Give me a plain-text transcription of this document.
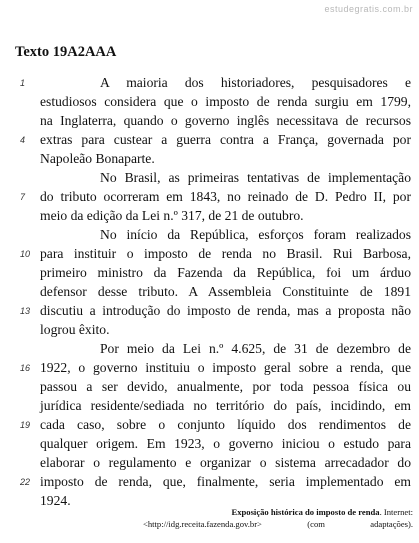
estudegratis.com.br
Texto 19A2AAA
1	A maioria dos historiadores, pesquisadores e
estudiosos considera que o imposto de renda surgiu em 1799,
na Inglaterra, quando o governo inglês necessitava de recursos
4 extras para custear a guerra contra a França, governada por
Napoleão Bonaparte.
No Brasil, as primeiras tentativas de implementação
7 do tributo ocorreram em 1843, no reinado de D. Pedro II, por
meio da edição da Lei n.º 317, de 21 de outubro.
No início da República, esforços foram realizados
10 para instituir o imposto de renda no Brasil. Rui Barbosa,
primeiro ministro da Fazenda da República, foi um árduo
defensor desse tributo. A Assembleia Constituinte de 1891
13 discutiu a introdução do imposto de renda, mas a proposta não
logrou êxito.
Por meio da Lei n.º 4.625, de 31 de dezembro de
16 1922, o governo instituiu o imposto geral sobre a renda, que
passou a ser devido, anualmente, por toda pessoa física ou
jurídica residente/sediada no território do país, incidindo, em
19 cada caso, sobre o conjunto líquido dos rendimentos de
qualquer origem. Em 1923, o governo iniciou o estudo para
elaborar o regulamento e organizar o sistema arrecadador do
22 imposto de renda, que, finalmente, seria implementado em
1924.
Exposição histórica do imposto de renda. Internet:
<http://idg.receita.fazenda.gov.br> (com adaptações).
